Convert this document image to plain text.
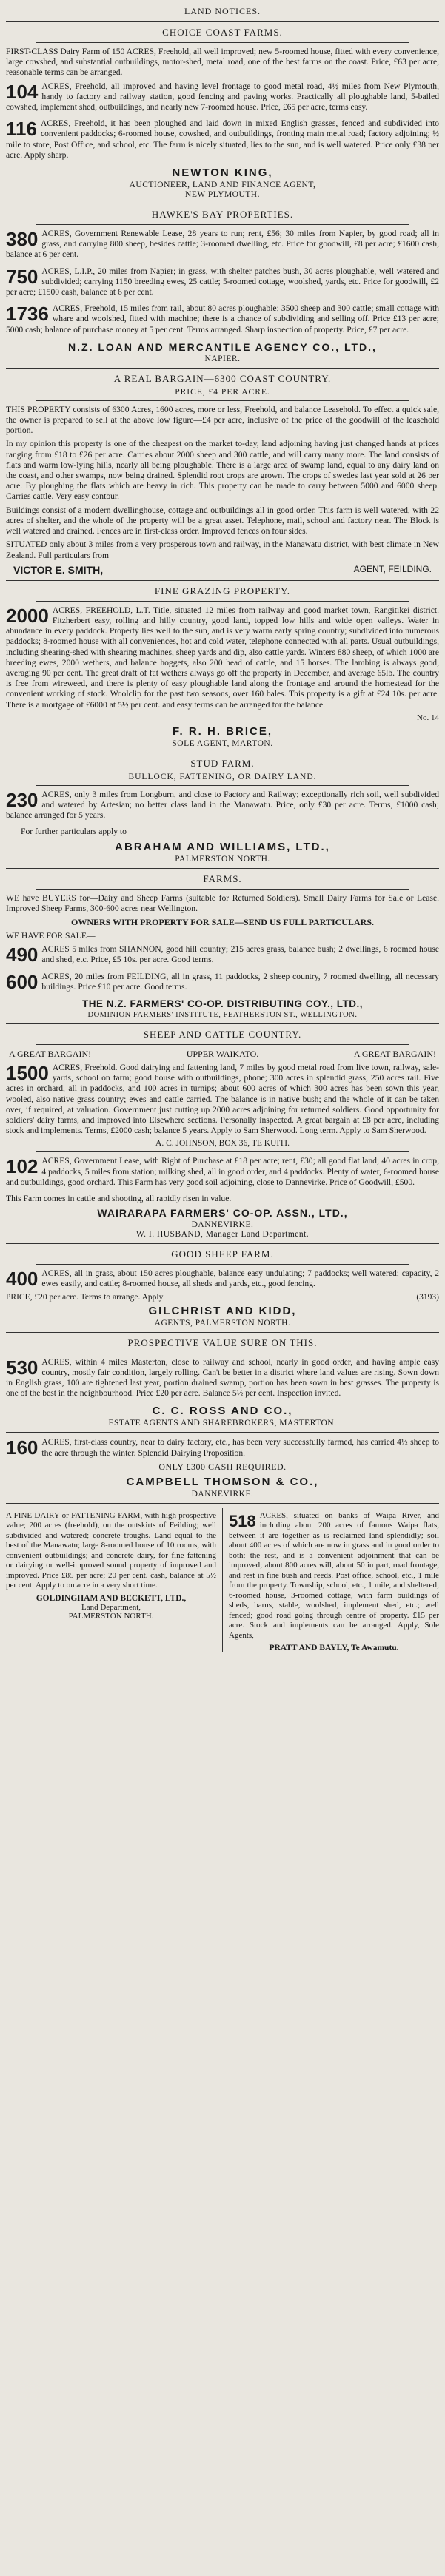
LAND NOTICES.
CHOICE COAST FARMS.

FIRST-CLASS Dairy Farm of 150 ACRES, Freehold, all well improved; new 5-roomed house, fitted with every convenience, large cowshed, and substantial outbuildings, motor-shed, metal road, one of the best farms on the coast. Price, £63 per acre, reasonable terms can be arranged.

104 ACRES, Freehold, all improved and having level frontage to good metal road, 4½ miles from New Plymouth, handy to factory and railway station, good fencing and paving works. Practically all ploughable land, 5-bailed cowshed, implement shed, outbuildings, and nearly new 7-roomed house. Price, £65 per acre, terms easy.

116 ACRES, Freehold, it has been ploughed and laid down in mixed English grasses, fenced and subdivided into convenient paddocks; 6-roomed house, cowshed, and outbuildings, fronting main metal road; factory adjoining; ½ mile to store, Post Office, and school, etc. The farm is nicely situated, lies to the sun, and is well watered. Price only £38 per acre. Apply sharp.

NEWTON KING,
AUCTIONEER, LAND AND FINANCE AGENT,
NEW PLYMOUTH.
HAWKE'S BAY PROPERTIES.

380 ACRES, Government Renewable Lease, 28 years to run; rent, £56; 30 miles from Napier, by good road; all in grass, and carrying 800 sheep, besides cattle; 3-roomed dwelling, etc. Price for goodwill, £8 per acre; £1600 cash, balance at 6 per cent.

750 ACRES, L.I.P., 20 miles from Napier; in grass, with shelter patches bush, 30 acres ploughable, well watered and subdivided; carrying 1150 breeding ewes, 25 cattle; 5-roomed cottage, woolshed, yards, etc. Price for goodwill, £2 per acre; £1500 cash, balance at 6 per cent.

1736 ACRES, Freehold, 15 miles from rail, about 80 acres ploughable; 3500 sheep and 300 cattle; small cottage with whare and woolshed, fitted with machine; there is a chance of subdividing and selling off. Price £13 per acre; 5000 cash; balance of purchase money at 5 per cent. Terms arranged. Sharp inspection of property. Price, £7 per acre.

N.Z. LOAN AND MERCANTILE AGENCY CO., LTD.,
NAPIER.
A REAL BARGAIN—6300 COAST COUNTRY.
PRICE, £4 PER ACRE.

THIS PROPERTY consists of 6300 Acres, 1600 acres, more or less, Freehold, and balance Leasehold. To effect a quick sale, the owner is prepared to sell at the above low figure—£4 per acre, inclusive of the price of the goodwill of the leasehold portion.

In my opinion this property is one of the cheapest on the market to-day, land adjoining having just changed hands at prices ranging from £18 to £26 per acre. Carries about 2000 sheep and 300 cattle, and will carry many more. The land consists of flats and warm low-lying hills, nearly all being ploughable. There is a large area of swamp land, equal to any dairy land on the coast, and other swamps, now being drained. Splendid root crops are grown. The crops of swedes last year sold at 26 per acre. By ploughing the flats which are heavy in rich. This property can be made to carry between 5000 and 6000 sheep. Carries cattle. Very easy contour.

Buildings consist of a modern dwellinghouse, cottage and outbuildings all in good order. This farm is well watered, with 22 acres of shelter, and the whole of the property will be a great asset. Telephone, mail, school and factory near. The Block is well watered and drained. Fences are in first-class order. Improved fences on four sides.

SITUATED only about 3 miles from a very prosperous town and railway, in the Manawatu district, with best climate in New Zealand. Full particulars from

VICTOR E. SMITH,	AGENT, FEILDING.
FINE GRAZING PROPERTY.

2000 ACRES, FREEHOLD, L.T. Title, situated 12 miles from railway and good market town, Rangitikei district. Fitzherbert easy, rolling and hilly country, good land, topped low hills and wide open valleys. Water in abundance in every paddock. Property lies well to the sun, and is very warm early spring country; subdivided into numerous paddocks; 8-roomed house with all conveniences, hot and cold water, telephone connected with all parts. Usual outbuildings, including shearing-shed with shearing machines, sheep yards and dip, also cattle yards. Winters 880 sheep, of which 1000 are breeding ewes, 2000 wethers, and balance hoggets, also 200 head of cattle, and 15 horses. The lambing is always good, averaging 90 per cent. The great draft of fat wethers always go off the property in December, and average 65lb. The country is free from wireweed, and there is plenty of easy ploughable land along the frontage and around the homestead for the convenient working of stock. Woolclip for the past two seasons, over 160 bales. This property is a gift at £24 10s. per acre. There is a mortgage of £6000 at 5½ per cent. and easy terms can be arranged for the balance.

No. 14
F. R. H. BRICE,
SOLE AGENT, MARTON.
STUD FARM.
BULLOCK, FATTENING, OR DAIRY LAND.

230 ACRES, only 3 miles from Longburn, and close to Factory and Railway; exceptionally rich soil, well subdivided and watered by Artesian; no better class land in the Manawatu. Price, only £30 per acre. Terms, £1000 cash; balance arranged for 5 years.

For further particulars apply to

ABRAHAM AND WILLIAMS, LTD.,
PALMERSTON NORTH.
FARMS.

WE have BUYERS for—Dairy and Sheep Farms (suitable for Returned Soldiers). Small Dairy Farms for Sale or Lease. Improved Sheep Farms, 300-600 acres near Wellington.

OWNERS WITH PROPERTY FOR SALE—SEND US FULL PARTICULARS.

WE HAVE FOR SALE—

490 ACRES 5 miles from SHANNON, good hill country; 215 acres grass, balance bush; 2 dwellings, 6 roomed house and shed, etc. Price, £5 10s. per acre. Good terms.

600 ACRES, 20 miles from FEILDING, all in grass, 11 paddocks, 2 sheep country, 7 roomed dwelling, all necessary buildings. Price £10 per acre. Good terms.

THE N.Z. FARMERS' CO-OP. DISTRIBUTING COY., LTD.,
DOMINION FARMERS' INSTITUTE, FEATHERSTON ST., WELLINGTON.
SHEEP AND CATTLE COUNTRY.
A GREAT BARGAIN!	UPPER WAIKATO.	A GREAT BARGAIN!

1500 ACRES, Freehold. Good dairying and fattening land, 7 miles by good metal road from live town, railway, sale-yards, school on farm; good house with outbuildings, phone; 300 acres in splendid grass, 250 acres rail. Five acres in orchard, all in paddocks, and 100 acres in turnips; about 600 acres of which 300 acres has been sown this year, wooled, also native grass country; ewes and cattle carried. The balance is in native bush; and the whole of it can be taken over, if required, at valuation. Government just cutting up 2000 acres adjoining for returned soldiers. Good opportunity for soldiers' dairy farms, and improved into Elsewhere sections. Personally inspected. A great bargain at £8 per acre, including stock and implements. Terms, £2000 cash; balance 5 years. Apply to Sam Sherwood. Long term. Apply to Sam Sherwood.

A. C. JOHNSON, BOX 36, TE KUITI.

102 ACRES, Government Lease, with Right of Purchase at £18 per acre; rent, £30; all good flat land; 40 acres in crop, 4 paddocks, 5 miles from station; milking shed, all in good order, and 4 paddocks. Plenty of water, 6-roomed house and outbuildings, good orchard. This Farm has very good soil adjoining, close to Dannevirke. Price of Goodwill, £500.

This Farm comes in cattle and shooting, all rapidly risen in value.

WAIRARAPA FARMERS' CO-OP. ASSN., LTD.,
DANNEVIRKE.
W. I. HUSBAND, Manager Land Department.
GOOD SHEEP FARM.

400 ACRES, all in grass, about 150 acres ploughable, balance easy undulating; 7 paddocks; well watered; capacity, 2 ewes easily, and cattle; 8-roomed house, all sheds and yards, etc., good fencing.

PRICE, £20 per acre. Terms to arrange. Apply	(3193)
GILCHRIST AND KIDD,
AGENTS, PALMERSTON NORTH.
PROSPECTIVE VALUE SURE ON THIS.

530 ACRES, within 4 miles Masterton, close to railway and school, nearly in good order, and having ample easy country, mostly fair condition, largely rolling. Can't be better in a district where land values are rising. Sown down in English grass, 100 are tightened last year, portion drained swamp, portion has been sown in best grasses. The property is one of the best in the neighbourhood. Price £20 per acre. Balance 5½ per cent. Inspection invited.

C. C. ROSS AND CO.,
ESTATE AGENTS AND SHAREBROKERS, MASTERTON.

160 ACRES, first-class country, near to dairy factory, etc., has been very successfully farmed, has carried 4½ sheep to the acre through the winter. Splendid Dairying Proposition.

ONLY £300 CASH REQUIRED.
CAMPBELL THOMSON & CO.,
DANNEVIRKE.

A FINE DAIRY or FATTENING FARM, with high prospective value; 200 acres (freehold), on the outskirts of Feilding; well subdivided and watered; concrete troughs. Land equal to the best of the Manawatu; large 8-roomed house of 10 rooms, with convenient outbuildings; and concrete dairy, for fine fattening or dairying or well-improved sound property of improved and improved. Price £85 per acre; 20 per cent. cash, balance at 5½ per cent. Apply to on acre in a very short time.

GOLDINGHAM AND BECKETT, LTD.,
Land Department,
PALMERSTON NORTH.

518 ACRES, situated on banks of Waipa River, and including about 200 acres of famous Waipa flats, between it are together as is reclaimed land splendidly; soil about 400 acres of which are now in grass and in good order to both; the rest, and is a convenient adjoinment that can be improved; about 800 acres will, about 50 in part, road frontage, and rest in fine bush and reeds. Post office, school, etc., 1 mile from the property. Township, school, etc., 1 mile, and sheltered; 6-roomed house, 3-roomed cottage, with farm buildings of sheds, barns, stable, woolshed, implement shed, etc.; well fenced; good road going through centre of property. £15 per acre. Stock and implements can be arranged. Apply, Sole Agents,

PRATT AND BAYLY, Te Awamutu.
